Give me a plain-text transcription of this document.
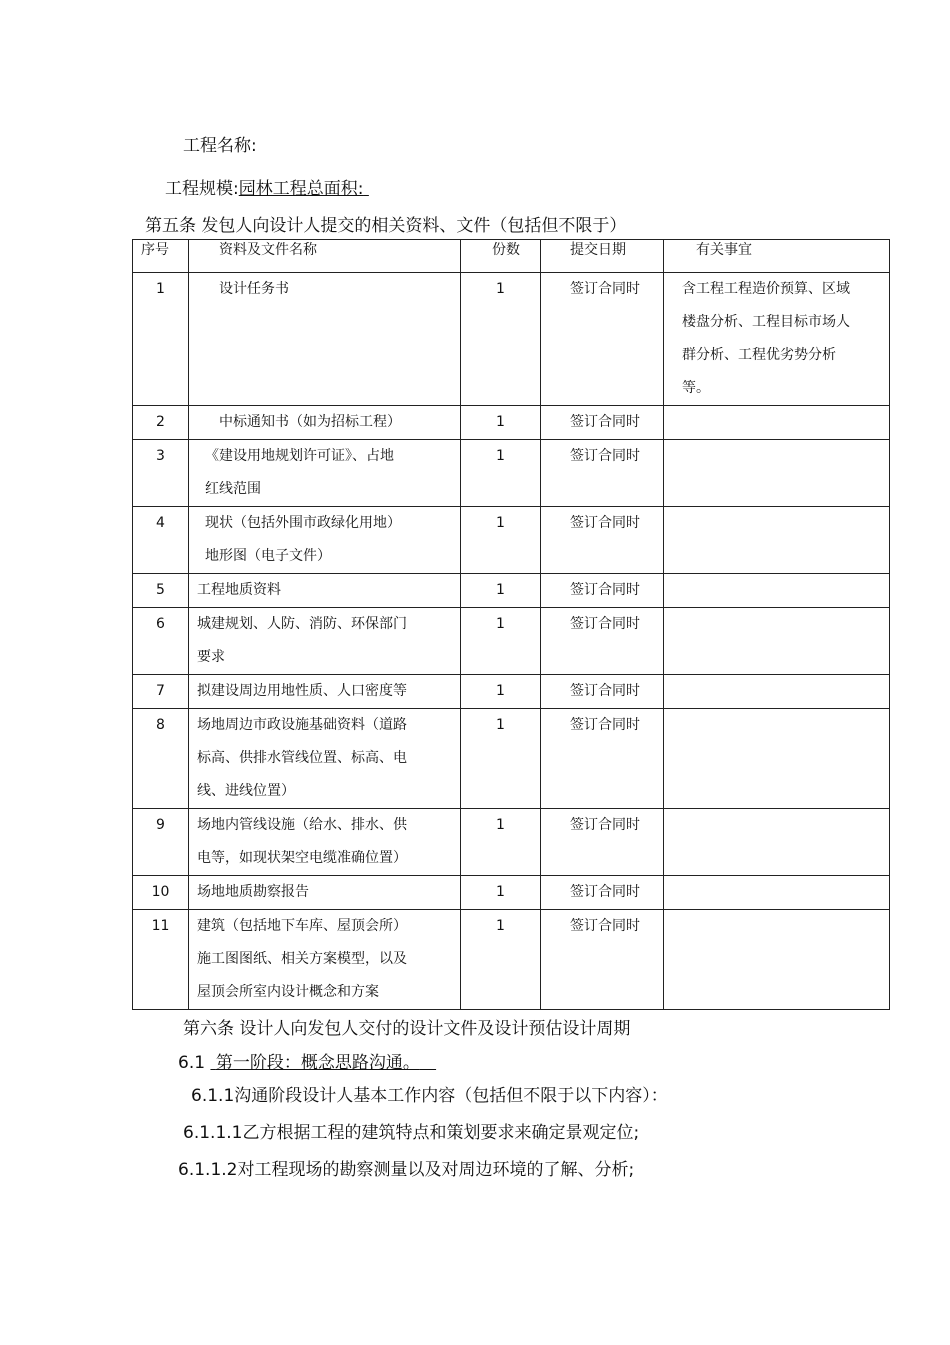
工程名称:
工程规模:园林工程总面积:
第五条 发包人向设计人提交的相关资料、文件（包括但不限于）
序号	资料及文件名称	份数	提交日期	有关事宜
1	设计任务书	1	签订合同时	含工程工程造价预算、区域
楼盘分析、工程目标市场人
群分析、工程优劣势分析
等。
2	中标通知书（如为招标工程）	1	签订合同时	
3	《建设用地规划许可证》、占地
红线范围	1	签订合同时	
4	现状（包括外围市政绿化用地）
地形图（电子文件）	1	签订合同时	
5	工程地质资料	1	签订合同时	
6	城建规划、人防、消防、环保部门
要求	1	签订合同时	
7	拟建设周边用地性质、人口密度等	1	签订合同时	
8	场地周边市政设施基础资料（道路
标高、供排水管线位置、标高、电
线、进线位置）	1	签订合同时	
9	场地内管线设施（给水、排水、供
电等，如现状架空电缆准确位置）	1	签订合同时	
10	场地地质勘察报告	1	签订合同时	
11	建筑（包括地下车库、屋顶会所）
施工图图纸、相关方案模型，以及
屋顶会所室内设计概念和方案	1	签订合同时	
第六条 设计人向发包人交付的设计文件及设计预估设计周期
6.1 第一阶段：概念思路沟通。
6.1.1沟通阶段设计人基本工作内容（包括但不限于以下内容）：
6.1.1.1乙方根据工程的建筑特点和策划要求来确定景观定位;
6.1.1.2对工程现场的勘察测量以及对周边环境的了解、分析;
